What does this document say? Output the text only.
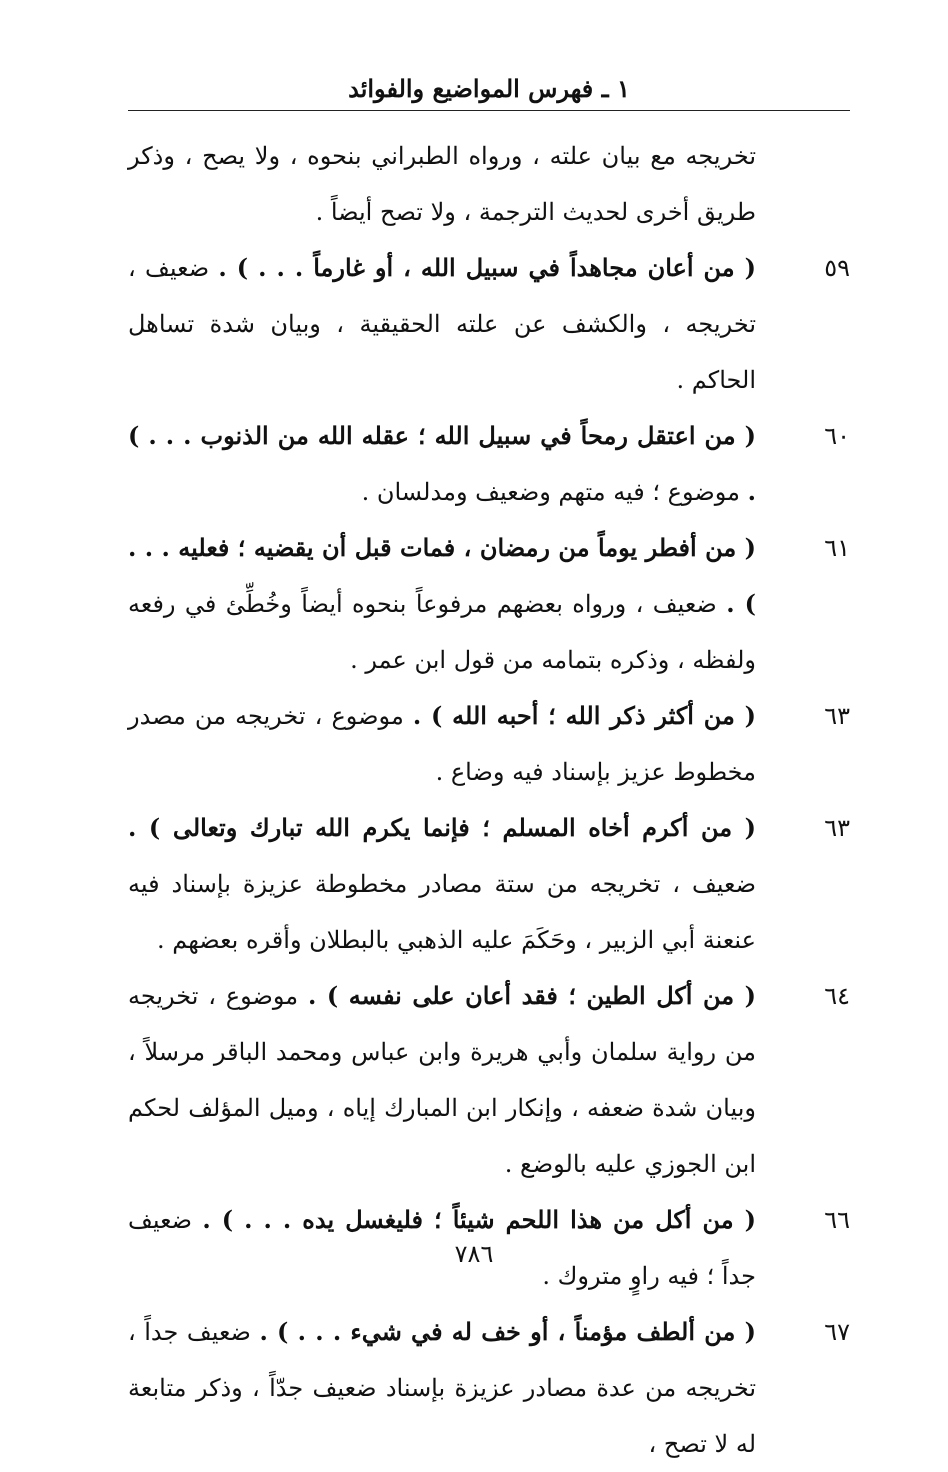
١ ـ فهرس المواضيع والفوائد
تخريجه مع بيان علته ، ورواه الطبراني بنحوه ، ولا يصح ، وذكر طريق أخرى لحديث الترجمة ، ولا تصح أيضاً .
٥٩
( من أعان مجاهداً في سبيل الله ، أو غارماً . . . ) . ضعيف ، تخريجه ، والكشف عن علته الحقيقية ، وبيان شدة تساهل الحاكم .
٦٠
( من اعتقل رمحاً في سبيل الله ؛ عقله الله من الذنوب . . . ) . موضوع ؛ فيه متهم وضعيف ومدلسان .
٦١
( من أفطر يوماً من رمضان ، فمات قبل أن يقضيه ؛ فعليه . . . ) . ضعيف ، ورواه بعضهم مرفوعاً بنحوه أيضاً وخُطِّئ في رفعه ولفظه ، وذكره بتمامه من قول ابن عمر .
٦٣
( من أكثر ذكر الله ؛ أحبه الله ) . موضوع ، تخريجه من مصدر مخطوط عزيز بإسناد فيه وضاع .
٦٣
( من أكرم أخاه المسلم ؛ فإنما يكرم الله تبارك وتعالى ) . ضعيف ، تخريجه من ستة مصادر مخطوطة عزيزة بإسناد فيه عنعنة أبي الزبير ، وحَكَمَ عليه الذهبي بالبطلان وأقره بعضهم .
٦٤
( من أكل الطين ؛ فقد أعان على نفسه ) . موضوع ، تخريجه من رواية سلمان وأبي هريرة وابن عباس ومحمد الباقر مرسلاً ، وبيان شدة ضعفه ، وإنكار ابن المبارك إياه ، وميل المؤلف لحكم ابن الجوزي عليه بالوضع .
٦٦
( من أكل من هذا اللحم شيئاً ؛ فليغسل يده . . . ) . ضعيف جداً ؛ فيه راوٍ متروك .
٦٧
( من ألطف مؤمناً ، أو خف له في شيء . . . ) . ضعيف جداً ، تخريجه من عدة مصادر عزيزة بإسناد ضعيف جدّاً ، وذكر متابعة له لا تصح ،
٧٨٦
